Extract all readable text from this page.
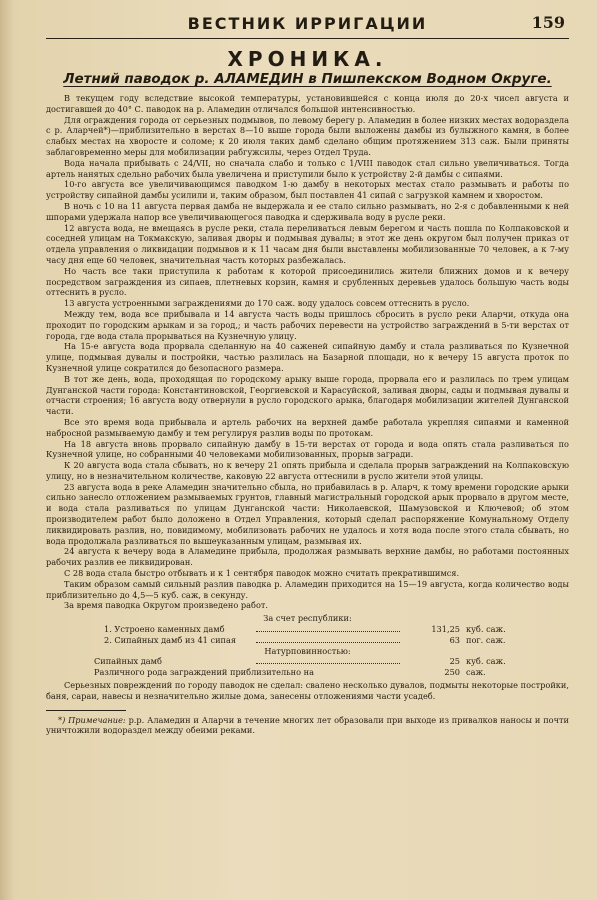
ВЕСТНИК ИРРИГАЦИИ	159
ХРОНИКА.
Летний паводок р. АЛАМЕДИН в Пишпекском Водном Округе.

В текущем году вследствие высокой температуры, установившейся с конца июля до 20-х чисел августа и достигавшей до 40° С. паводок на р. Аламедин отличался большой интенсивностью.

Для ограждения города от серьезных подмывов, по левому берегу р. Аламедин в более низких местах водораздела с р. Аларчей*)—приблизительно в верстах 8—10 выше города были выложены дамбы из булыжного камня, в более слабых местах на хворосте и соломе; к 20 июля таких дамб сделано общим протяжением 313 саж. Были приняты заблаговременно меры для мобилизации рабгужсилы, через Отдел Труда.

Вода начала прибывать с 24/VII, но сначала слабо и только с 1/VIII паводок стал сильно увеличиваться. Тогда артель нанятых сдельно рабочих была увеличена и приступили было к устройству 2-й дамбы с сипаями.

10-го августа все увеличивающимся паводком 1-ю дамбу в некоторых местах стало размывать и работы по устройству сипайной дамбы усилили и, таким образом, был поставлен 41 сипай с загрузкой камнем и хворостом.

В ночь с 10 на 11 августа первая дамба не выдержала и ее стало сильно размывать, но 2-я с добавленными к ней шпорами удержала напор все увеличивающегося паводка и сдерживала воду в русле реки.

12 августа вода, не вмещаясь в русле реки, стала переливаться левым берегом и часть пошла по Колпаковской и соседней улицам на Токмакскую, заливая дворы и подмывая дувалы; в этот же день округом был получен приказ от отдела управления о ликвидации подмывов и к 11 часам дня были выставлены мобилизованные 70 человек, а к 7-му часу дня еще 60 человек, значительная часть которых разбежалась.

Но часть все таки приступила к работам к которой присоединились жители ближних домов и к вечеру посредством заграждения из сипаев, плетневых корзин, камня и срубленных деревьев удалось большую часть воды оттеснить в русло.

13 августа устроенными заграждениями до 170 саж. воду удалось совсем оттеснить в русло.

Между тем, вода все прибывала и 14 августа часть воды пришлось сбросить в русло реки Аларчи, откуда она проходит по городским арыкам и за город,; и часть рабочих перевести на устройство заграждений в 5-ти верстах от города, где вода стала прорываться на Кузнечную улицу.

На 15-е августа вода прорвала сделанную на 40 саженей сипайную дамбу и стала разливаться по Кузнечной улице, подмывая дувалы и постройки, частью разлилась на Базарной площади, но к вечеру 15 августа проток по Кузнечной улице сократился до безопасного размера.

В тот же день, вода, проходящая по городскому арыку выше города, прорвала его и разлилась по трем улицам Дунганской части города: Константиновской, Георгиевской и Карасуйской, заливая дворы, сады и подмывая дувалы и отчасти строения; 16 августа воду отвернули в русло городского арыка, благодаря мобилизации жителей Дунганской части.

Все это время вода прибывала и артель рабочих на верхней дамбе работала укрепляя сипаями и каменной набросной размываемую дамбу и тем регулируя разлив воды по протокам.

На 18 августа вновь прорвало сипайную дамбу в 15-ти верстах от города и вода опять стала разливаться по Кузнечной улице, но собранными 40 человеками мобилизованных, прорыв загради.

К 20 августа вода стала сбывать, но к вечеру 21 опять прибыла и сделала прорыв заграждений на Колпаковскую улицу, но в незначительном количестве, каковую 22 августа оттеснили в русло жители этой улицы.

23 августа вода в реке Аламедин значительно сбыла, но прибавилась в р. Аларч, к тому времени городские арыки сильно занесло отложением размываемых грунтов, главный магистральный городской арык прорвало в другом месте, и вода стала разливаться по улицам Дунганской части: Николаевской, Шамузовской и Ключевой; об этом производителем работ было доложено в Отдел Управления, который сделал распоряжение Комунальному Отделу ликвидировать разлив, но, повидимому, мобилизовать рабочих не удалось и хотя вода после этого стала сбывать, но вода продолжала разливаться по вышеуказанным улицам, размывая их.

24 августа к вечеру вода в Аламедине прибыла, продолжая размывать верхние дамбы, но работами постоянных рабочих разлив ее ликвидирован.

С 28 вода стала быстро отбывать и к 1 сентября паводок можно считать прекратившимся.

Таким образом самый сильный разлив паводка р. Аламедин приходится на 15—19 августа, когда количество воды приблизительно до 4,5—5 куб. саж, в секунду.

За время паводка Округом произведено работ.

За счет республики:
1. Устроено каменных дамб	131,25 куб. саж.
2. Сипайных дамб из 41 сипая	63 пог. саж.
Натурповинностью:
Сипайных дамб	25 куб. саж.
Различного рода заграждений приблизительно на	250 саж.

Серьезных повреждений по городу паводок не сделал: свалено несколько дувалов, подмыты некоторые постройки, баня, сараи, навесы и незначительно жилые дома, занесены отложениями части усадеб.

*) Примечание: р.р. Аламедин и Аларчи в течение многих лет образовали при выходе из привалков наносы и почти уничтожили водораздел между обеими реками.
